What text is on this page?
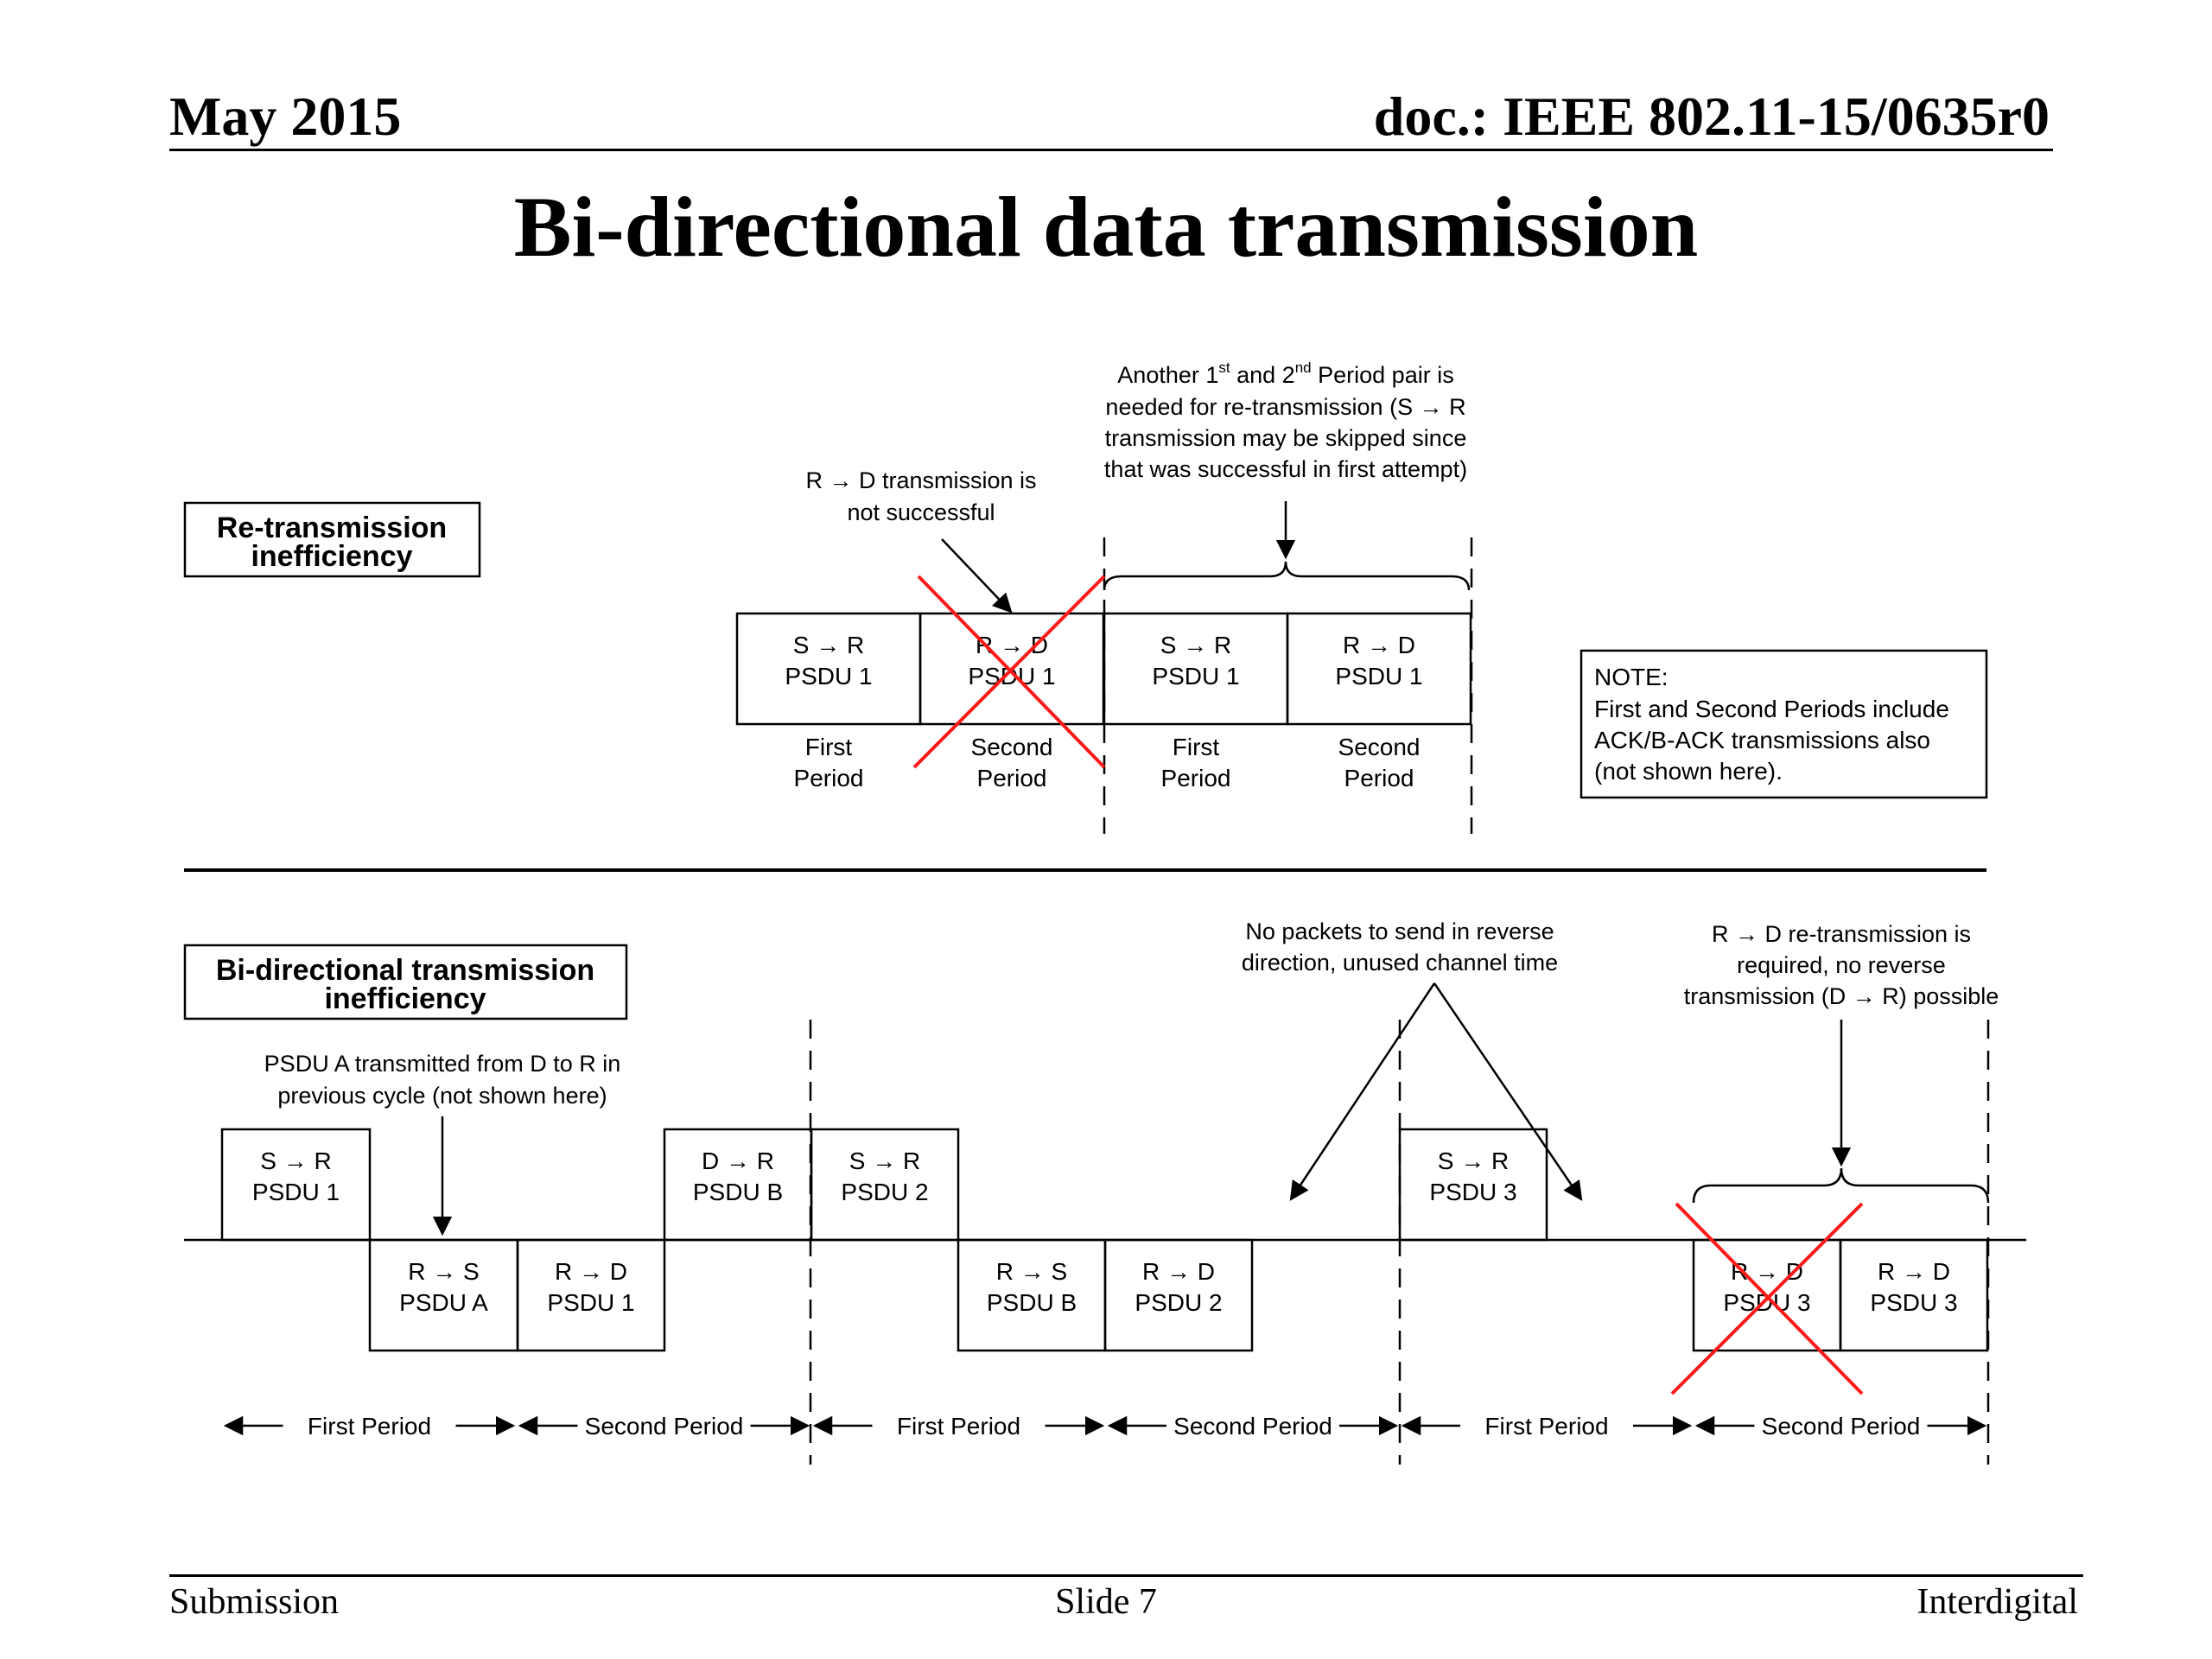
May 2015	doc.: IEEE 802.11-15/0635r0
Bi-directional data transmission
Re-transmission
inefficiency
R → D transmission is
not successful
Another 1st and 2nd Period pair is
needed for re-transmission (S → R
transmission may be skipped since
that was successful in first attempt)
S → R
PSDU 1
First
Period
R → D
PSDU 1
Second
Period
S → R
PSDU 1
First
Period
R → D
PSDU 1
Second
Period
NOTE:
First and Second Periods include
ACK/B-ACK transmissions also
(not shown here).
Bi-directional transmission
inefficiency
PSDU A transmitted from D to R in
previous cycle (not shown here)
No packets to send in reverse
direction, unused channel time
R → D re-transmission is
required, no reverse
transmission (D → R) possible
S → R
PSDU 1
R → S
PSDU A
R → D
PSDU 1
D → R
PSDU B
S → R
PSDU 2
R → S
PSDU B
R → D
PSDU 2
S → R
PSDU 3
R → D
PSDU 3
R → D
PSDU 3
First Period	Second Period	First Period	Second Period	First Period	Second Period
Submission	Slide 7	Interdigital
